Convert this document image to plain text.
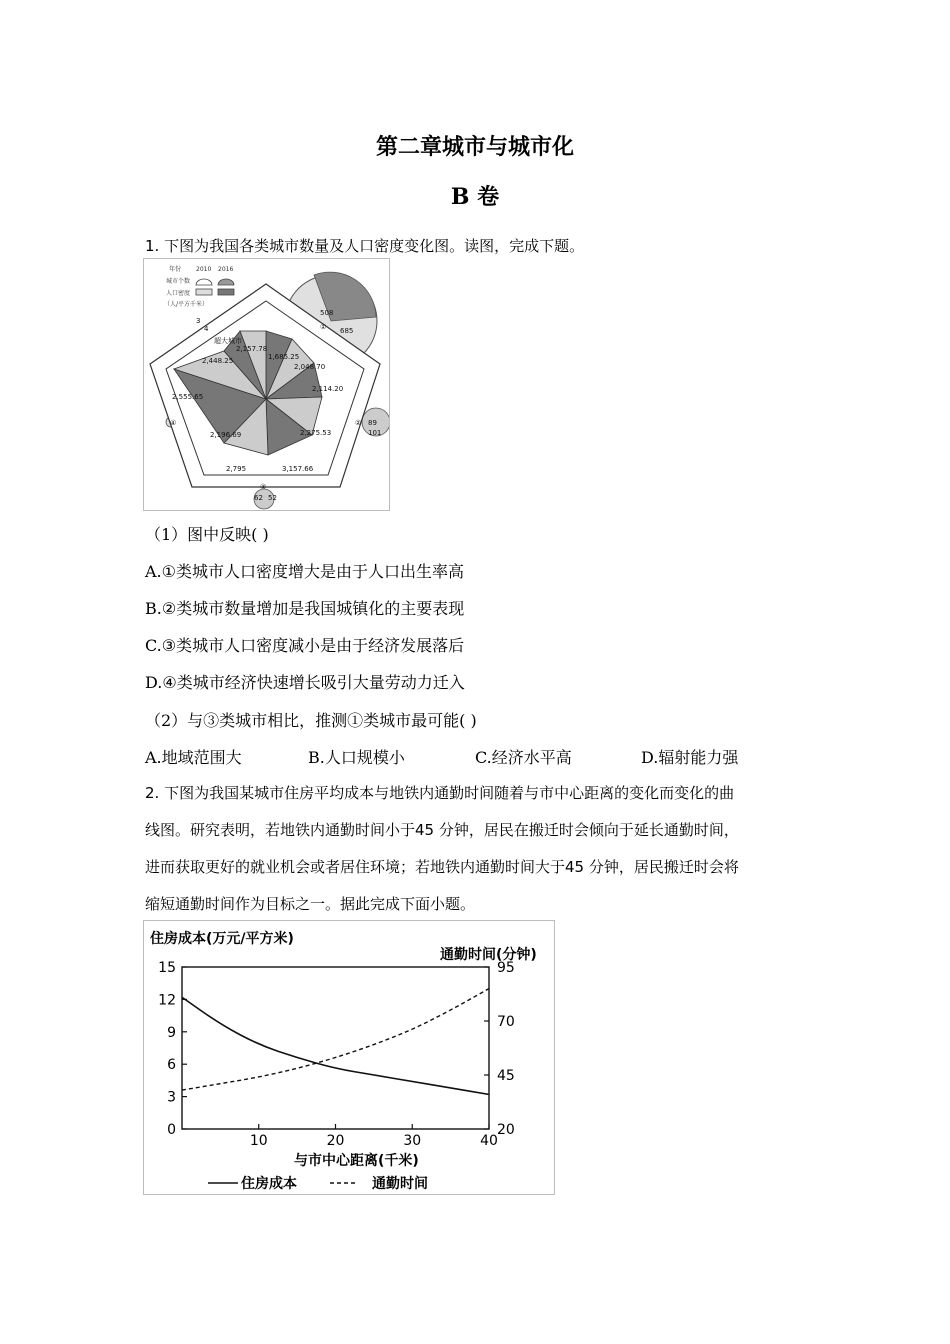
第二章城市与城市化
B 卷
1. 下图为我国各类城市数量及人口密度变化图。读图，完成下题。
年份 2010 2016
城市个数
人口密度
（人/平方千米）
超大城市
①
②
③
④
508
685
89
101
62 52
3
4
2,157.78
1,685.25
2,448.25
2,048.70
2,114.20
2,555.65
2,196.69	2,275.53
2,795	3,157.66
（1）图中反映( )
A.①类城市人口密度增大是由于人口出生率高
B.②类城市数量增加是我国城镇化的主要表现
C.③类城市人口密度减小是由于经济发展落后
D.④类城市经济快速增长吸引大量劳动力迁入
（2）与③类城市相比，推测①类城市最可能( )
A.地域范围大	B.人口规模小	C.经济水平高	D.辐射能力强
2. 下图为我国某城市住房平均成本与地铁内通勤时间随着与市中心距离的变化而变化的曲
线图。研究表明，若地铁内通勤时间小于45 分钟，居民在搬迁时会倾向于延长通勤时间，
进而获取更好的就业机会或者居住环境；若地铁内通勤时间大于45 分钟，居民搬迁时会将
缩短通勤时间作为目标之一。据此完成下面小题。
住房成本(万元/平方米)
通勤时间(分钟)
与市中心距离(千米)
0
3
6
9
12
15
20
45
70
95
10	20	30	40
住房成本	通勤时间
